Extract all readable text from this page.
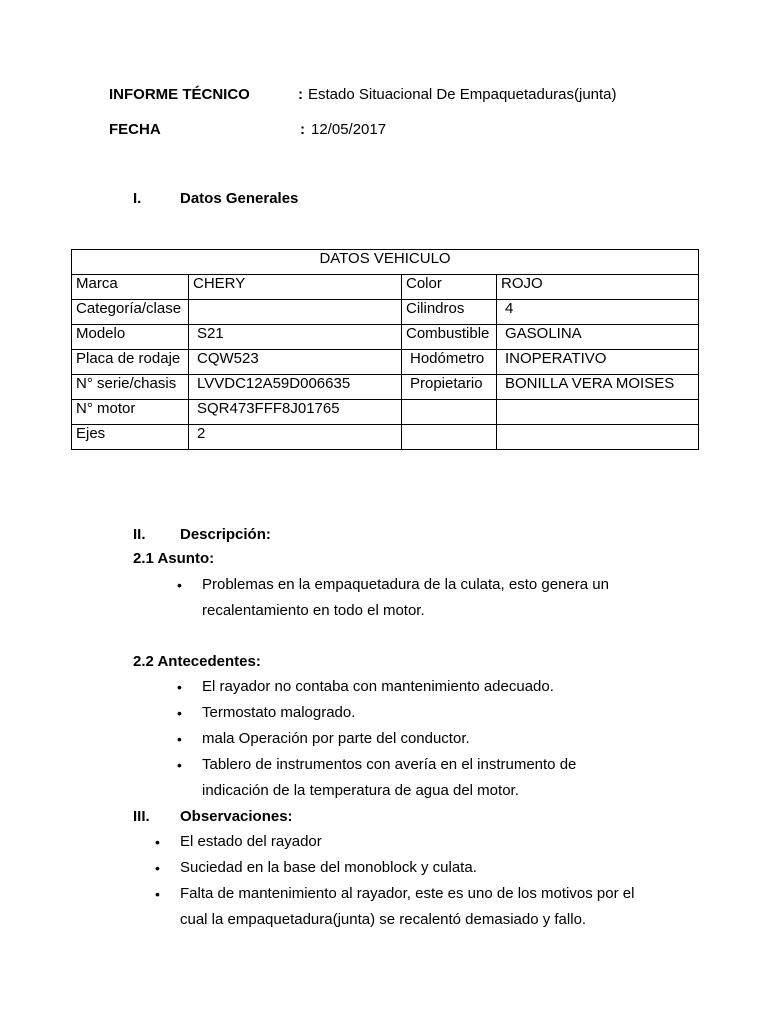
INFORME TÉCNICO	: Estado Situacional De Empaquetaduras(junta)
FECHA	: 12/05/2017
I.	Datos Generales
DATOS VEHICULO			
Marca	CHERY	Color	ROJO
Categoría/clase		Cilindros	4
Modelo	S21	Combustible	GASOLINA
Placa de rodaje	CQW523	Hodómetro	INOPERATIVO
N° serie/chasis	LVVDC12A59D006635	Propietario	BONILLA VERA MOISES
N° motor	SQR473FFF8J01765		
Ejes	2		
II. Descripción:
2.1 Asunto:
• Problemas en la empaquetadura de la culata, esto genera un
recalentamiento en todo el motor.
2.2 Antecedentes:
• El rayador no contaba con mantenimiento adecuado.
• Termostato malogrado.
• mala Operación por parte del conductor.
• Tablero de instrumentos con avería en el instrumento de
indicación de la temperatura de agua del motor.
III. Observaciones:
• El estado del rayador
• Suciedad en la base del monoblock y culata.
• Falta de mantenimiento al rayador, este es uno de los motivos por el
cual la empaquetadura(junta) se recalentó demasiado y fallo.
